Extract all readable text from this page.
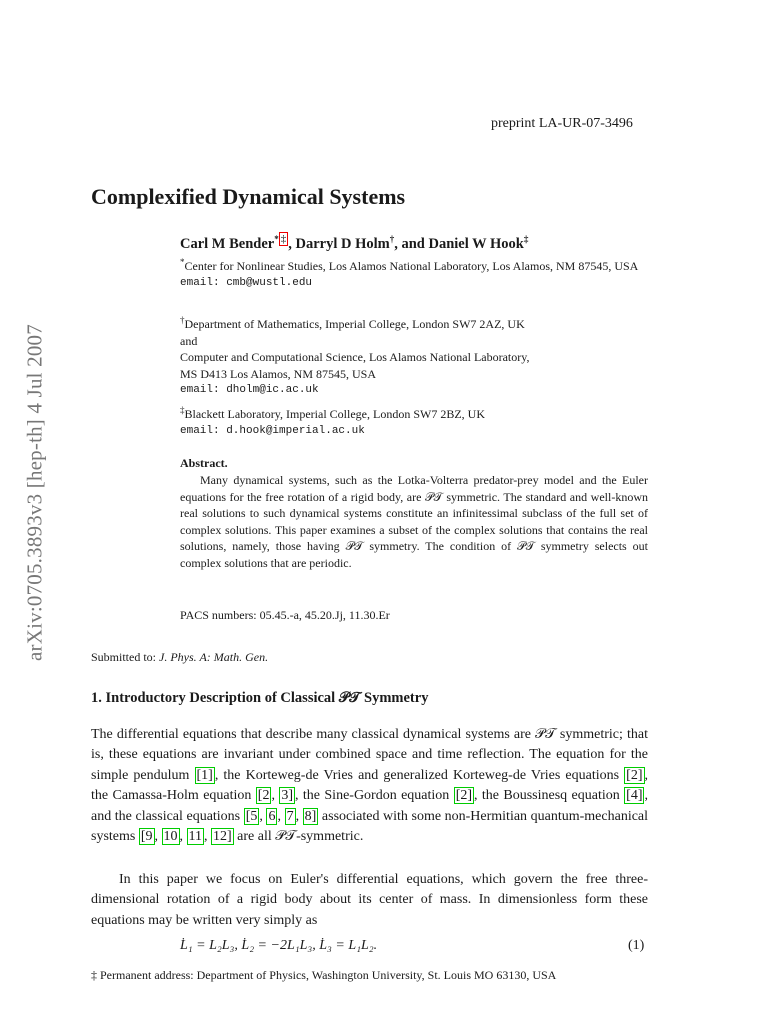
arXiv:0705.3893v3 [hep-th] 4 Jul 2007
preprint LA-UR-07-3496
Complexified Dynamical Systems
Carl M Bender* ‡ , Darryl D Holm†, and Daniel W Hook‡
*Center for Nonlinear Studies, Los Alamos National Laboratory, Los Alamos, NM 87545, USA
email: cmb@wustl.edu
†Department of Mathematics, Imperial College, London SW7 2AZ, UK
and
Computer and Computational Science, Los Alamos National Laboratory,
MS D413 Los Alamos, NM 87545, USA
email: dholm@ic.ac.uk
‡Blackett Laboratory, Imperial College, London SW7 2BZ, UK
email: d.hook@imperial.ac.uk
Abstract.

Many dynamical systems, such as the Lotka-Volterra predator-prey model and the Euler equations for the free rotation of a rigid body, are 𝒫𝒯 symmetric. The standard and well-known real solutions to such dynamical systems constitute an infinitessimal subclass of the full set of complex solutions. This paper examines a subset of the complex solutions that contains the real solutions, namely, those having 𝒫𝒯 symmetry. The condition of 𝒫𝒯 symmetry selects out complex solutions that are periodic.

PACS numbers: 05.45.-a, 45.20.Jj, 11.30.Er
Submitted to: J. Phys. A: Math. Gen.
1. Introductory Description of Classical 𝒫𝒯 Symmetry

The differential equations that describe many classical dynamical systems are 𝒫𝒯 symmetric; that is, these equations are invariant under combined space and time reflection. The equation for the simple pendulum [1] , the Korteweg-de Vries and generalized Korteweg-de Vries equations [2] , the Camassa-Holm equation [2 , 3] , the Sine-Gordon equation [2] , the Boussinesq equation [4] , and the classical equations [5 , 6 , 7 , 8] associated with some non-Hermitian quantum-mechanical systems [9 , 10 , 11 , 12] are all 𝒫𝒯-symmetric.

In this paper we focus on Euler's differential equations, which govern the free three-dimensional rotation of a rigid body about its center of mass. In dimensionless form these equations may be written very simply as

L̇₁ = L₂L₃, L̇₂ = −2L₁L₃, L̇₃ = L₁L₂.	(1)
‡ Permanent address: Department of Physics, Washington University, St. Louis MO 63130, USA
